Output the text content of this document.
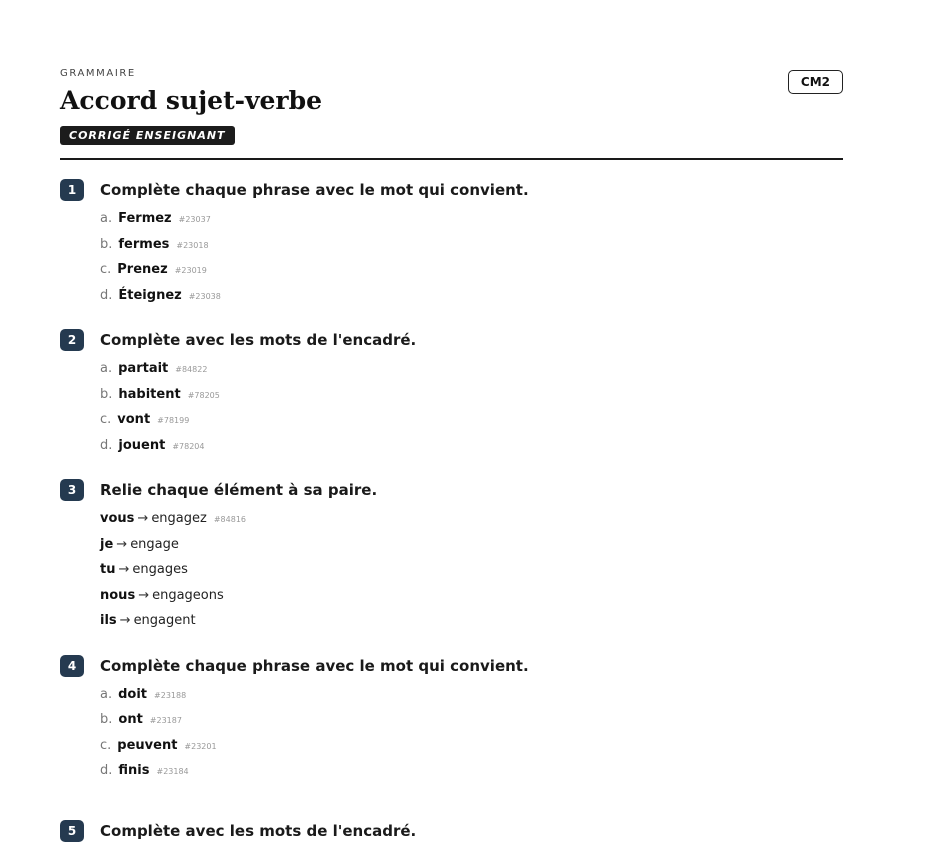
GRAMMAIRE
Accord sujet-verbe
CORRIGÉ ENSEIGNANT
CM2
1	Complète chaque phrase avec le mot qui convient.
a. Fermez #23037
b. fermes #23018
c. Prenez #23019
d. Éteignez #23038
2	Complète avec les mots de l'encadré.
a. partait #84822
b. habitent #78205
c. vont #78199
d. jouent #78204
3	Relie chaque élément à sa paire.
vous → engagez #84816
je → engage
tu → engages
nous → engageons
ils → engagent
4	Complète chaque phrase avec le mot qui convient.
a. doit #23188
b. ont #23187
c. peuvent #23201
d. finis #23184
5	Complète avec les mots de l'encadré.
